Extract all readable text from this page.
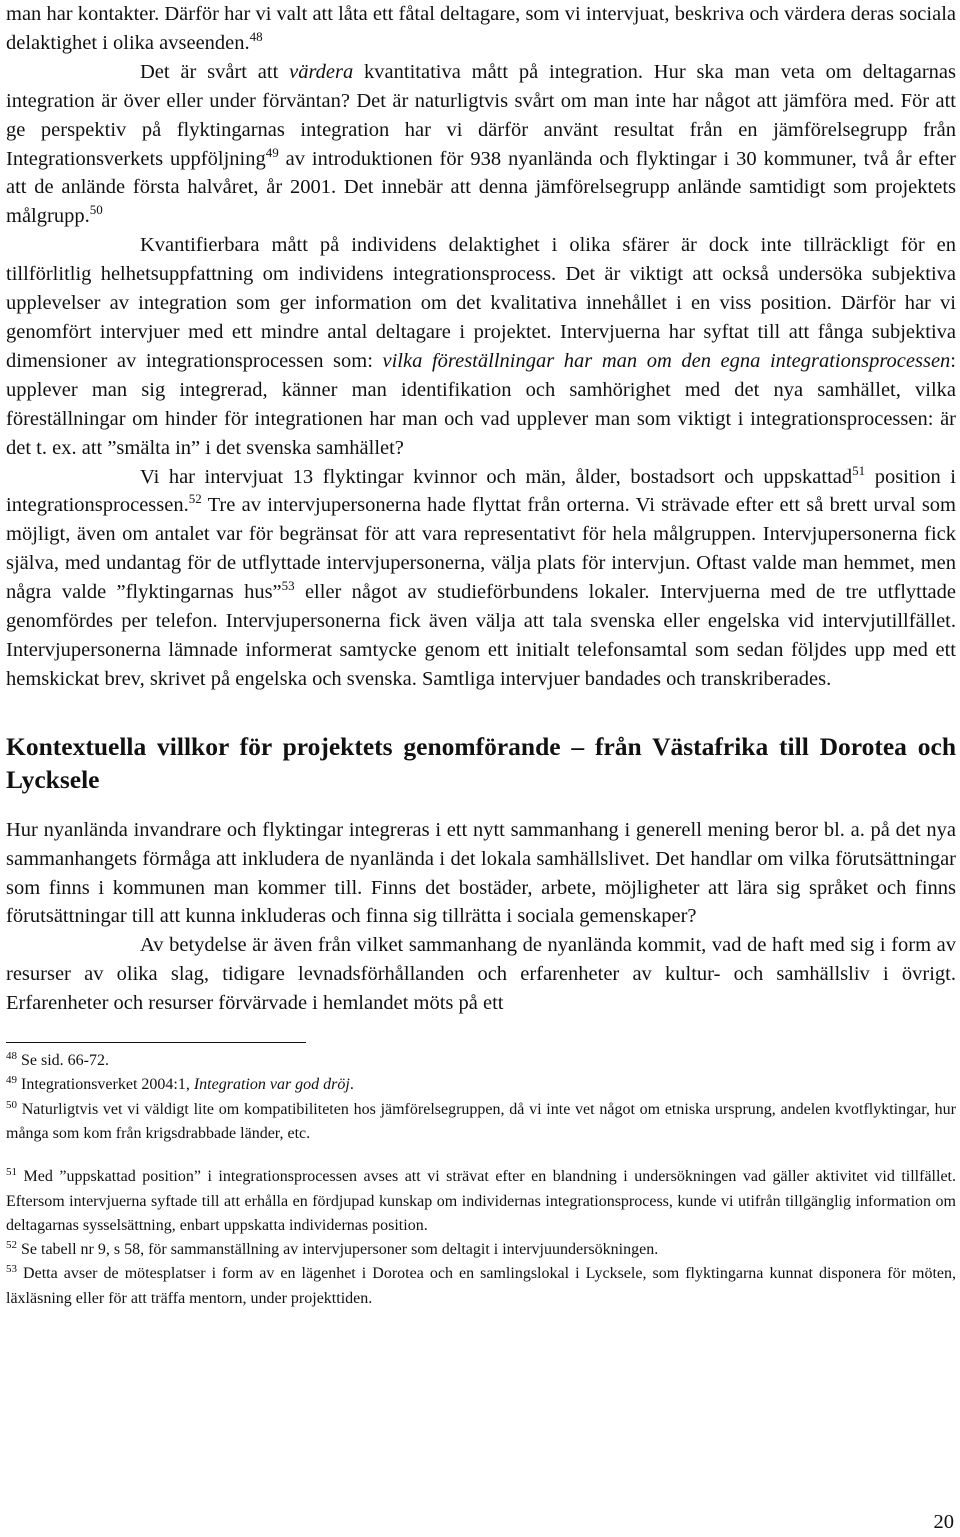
man har kontakter. Därför har vi valt att låta ett fåtal deltagare, som vi intervjuat, beskriva och värdera deras sociala delaktighet i olika avseenden.$^{48}$

Det är svårt att värdera kvantitativa mått på integration. Hur ska man veta om deltagarnas integration är över eller under förväntan? Det är naturligtvis svårt om man inte har något att jämföra med. För att ge perspektiv på flyktingarnas integration har vi därför använt resultat från en jämförelsegrupp från Integrationsverkets uppföljning$^{49}$ av introduktionen för 938 nyanlända och flyktingar i 30 kommuner, två år efter att de anlände första halvåret, år 2001. Det innebär att denna jämförelsegrupp anlände samtidigt som projektets målgrupp.$^{50}$

Kvantifierbara mått på individens delaktighet i olika sfärer är dock inte tillräckligt för en tillförlitlig helhetsuppfattning om individens integrationsprocess. Det är viktigt att också undersöka subjektiva upplevelser av integration som ger information om det kvalitativa innehållet i en viss position. Därför har vi genomfört intervjuer med ett mindre antal deltagare i projektet. Intervjuerna har syftat till att fånga subjektiva dimensioner av integrationsprocessen som: vilka föreställningar har man om den egna integrationsprocessen: upplever man sig integrerad, känner man identifikation och samhörighet med det nya samhället, vilka föreställningar om hinder för integrationen har man och vad upplever man som viktigt i integrationsprocessen: är det t. ex. att ”smälta in” i det svenska samhället?

Vi har intervjuat 13 flyktingar kvinnor och män, ålder, bostadsort och uppskattad$^{51}$ position i integrationsprocessen.$^{52}$ Tre av intervjupersonerna hade flyttat från orterna. Vi strävade efter ett så brett urval som möjligt, även om antalet var för begränsat för att vara representativt för hela målgruppen. Intervjupersonerna fick själva, med undantag för de utflyttade intervjupersonerna, välja plats för intervjun. Oftast valde man hemmet, men några valde ”flyktingarnas hus”$^{53}$ eller något av studieförbundens lokaler. Intervjuerna med de tre utflyttade genomfördes per telefon. Intervjupersonerna fick även välja att tala svenska eller engelska vid intervjutillfället. Intervjupersonerna lämnade informerat samtycke genom ett initialt telefonsamtal som sedan följdes upp med ett hemskickat brev, skrivet på engelska och svenska. Samtliga intervjuer bandades och transkriberades.

Kontextuella villkor för projektets genomförande – från Västafrika till Dorotea och Lycksele

Hur nyanlända invandrare och flyktingar integreras i ett nytt sammanhang i generell mening beror bl. a. på det nya sammanhangets förmåga att inkludera de nyanlända i det lokala samhällslivet. Det handlar om vilka förutsättningar som finns i kommunen man kommer till. Finns det bostäder, arbete, möjligheter att lära sig språket och finns förutsättningar till att kunna inkluderas och finna sig tillrätta i sociala gemenskaper?

Av betydelse är även från vilket sammanhang de nyanlända kommit, vad de haft med sig i form av resurser av olika slag, tidigare levnadsförhållanden och erfarenheter av kultur- och samhällsliv i övrigt. Erfarenheter och resurser förvärvade i hemlandet möts på ett

$^{48}$ Se sid. 66-72.

$^{49}$ Integrationsverket 2004:1, Integration var god dröj.

$^{50}$ Naturligtvis vet vi väldigt lite om kompatibiliteten hos jämförelsegruppen, då vi inte vet något om etniska ursprung, andelen kvotflyktingar, hur många som kom från krigsdrabbade länder, etc.

$^{51}$ Med ”uppskattad position” i integrationsprocessen avses att vi strävat efter en blandning i undersökningen vad gäller aktivitet vid tillfället. Eftersom intervjuerna syftade till att erhålla en fördjupad kunskap om individernas integrationsprocess, kunde vi utifrån tillgänglig information om deltagarnas sysselsättning, enbart uppskatta individernas position.

$^{52}$ Se tabell nr 9, s 58, för sammanställning av intervjupersoner som deltagit i intervjuundersökningen.

$^{53}$ Detta avser de mötesplatser i form av en lägenhet i Dorotea och en samlingslokal i Lycksele, som flyktingarna kunnat disponera för möten, läxläsning eller för att träffa mentorn, under projekttiden.

20
